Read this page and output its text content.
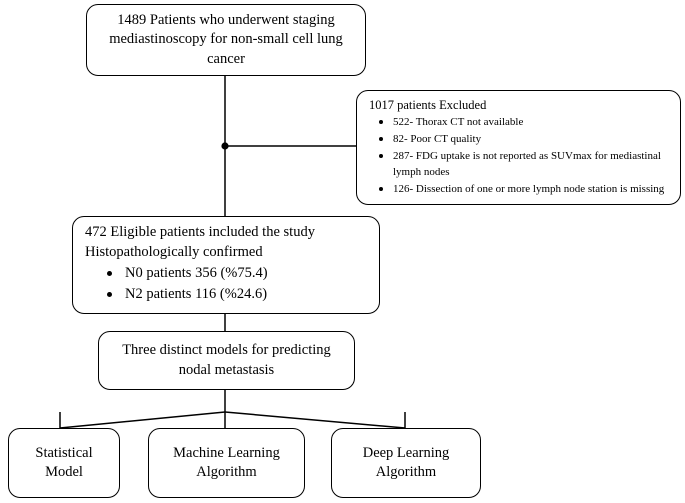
1489 Patients who underwent staging
mediastinoscopy for non-small cell lung
cancer
1017 patients Excluded
522- Thorax CT not available
82- Poor CT quality
287- FDG uptake is not reported as SUVmax for mediastinal lymph nodes
126- Dissection of one or more lymph node station is missing
472 Eligible patients included the study
Histopathologically confirmed
N0 patients 356 (%75.4)
N2 patients 116 (%24.6)
Three distinct models for predicting
nodal metastasis
Statistical
Model
Machine Learning
Algorithm
Deep Learning
Algorithm
